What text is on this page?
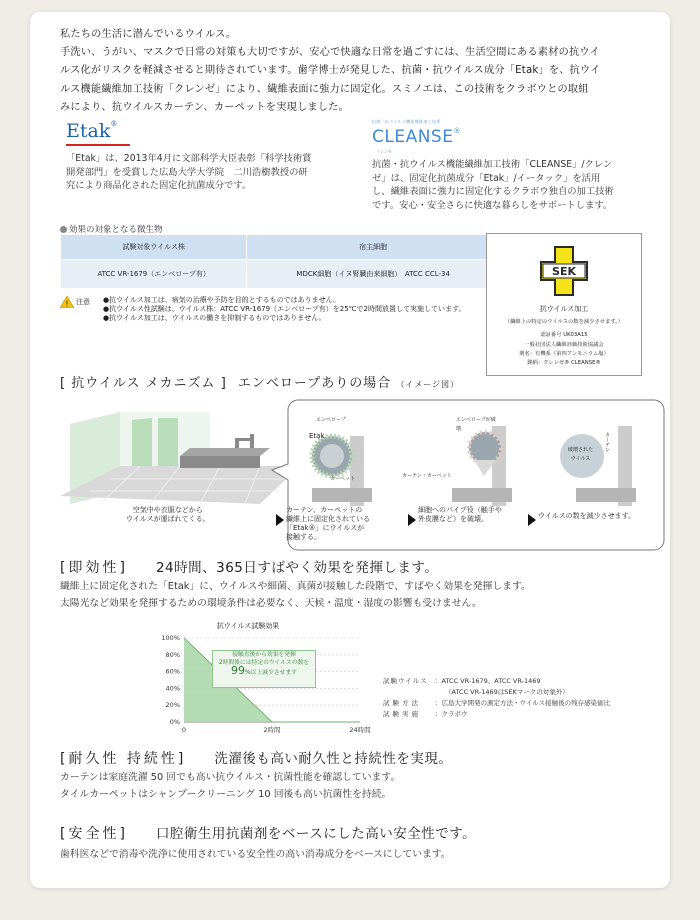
私たちの生活に潜んでいるウイルス。

手洗い、うがい、マスクで日常の対策も大切ですが、安心で快適な日常を過ごすには、生活空間にある素材の抗ウイ

ルス化がリスクを軽減させると期待されています。歯学博士が発見した、抗菌・抗ウイルス成分「Etak」を、抗ウイ

ルス機能繊維加工技術「クレンゼ」により、繊維表面に強力に固定化。スミノエは、この技術をクラボウとの取組

みにより、抗ウイルスカーテン、カーペットを実現しました。

Etak®

「Etak」は、2013年4月に文部科学大臣表彰「科学技術賞

開発部門」を受賞した広島大学大学院　二川浩樹教授の研

究により商品化された固定化抗菌成分です。

抗菌・抗ウイルス機能繊維加工技術
CLEANSE®
クレンゼ

抗菌・抗ウイルス機能繊維加工技術「CLEANSE」/クレン

ゼ」は、固定化抗菌成分「Etak」/イータック」を活用

し、繊維表面に強力に固定化するクラボウ独自の加工技術

です。安心・安全さらに快適な暮らしをサポートします。

効果の対象となる微生物
試験対象ウイルス株	宿主細胞
ATCC VR-1679（エンベロープ有）	MDCK細胞（イヌ腎臓由来細胞）　ATCC CCL-34
! 注意 ●抗ウイルス加工は、病気の治療や予防を目的とするものではありません。

●抗ウイルス性試験は、ウイルス株：ATCC VR-1679（エンベロープ有）を25℃で2時間放置して実施しています。

●抗ウイルス加工は、ウイルスの働きを抑制するものではありません。

SEK
抗ウイルス加工
（繊維上の特定のウイルスの数を減少させます。）
認証番号 UK03A15
一般社団法人繊維評価技術協議会
剤名：有機系（第四アンモニウム塩）
銘柄：クレンゼ® CLEANSE®
[ 抗ウイルス メカニズム ] エンベロープありの場合 （イメージ図）

空気中や衣服などから

ウイルスが運ばれてくる。

Etak
エンベロープ	エンベロープが破壊
カーテン・カーペット
カーペット
カーテン

破壊された

ウイルス

カーテン、カーペットの

繊維上に固定化されている

「Etak®」にウイルスが

接触する。

細胞へのパイプ役（触手や

外皮膜など）を破壊。	ウイルスの数を減少させます。
[即効性] 24時間、365日すばやく効果を発揮します。

繊維上に固定化された「Etak」に、ウイルスや細菌、真菌が接触した段階で、すばやく効果を発揮します。

太陽光など効果を発揮するための環境条件は必要なく、天候・温度・湿度の影響も受けません。

抗ウイルス試験効果
100%
80%
60%
40%
20%
0%
0	2時間	24時間

接触直後から効果を発揮

2時間後には特定のウイルスの数を

99%以上減少させます

試験ウイルス ：ATCC VR-1679、ATCC VR-1469
（ATCC VR-1469はSEKマークの対象外）
試験方法 ：広島大学開発の測定方法・ウイルス接触後の残存感染価比
試験実施 ：クラボウ
[耐久性 持続性] 洗濯後も高い耐久性と持続性を実現。

カーテンは家庭洗濯 50 回でも高い抗ウイルス・抗菌性能を確認しています。

タイルカーペットはシャンプークリーニング 10 回後も高い抗菌性を持続。

[安全性] 口腔衛生用抗菌剤をベースにした高い安全性です。

歯科医などで消毒や洗浄に使用されている安全性の高い消毒成分をベースにしています。
